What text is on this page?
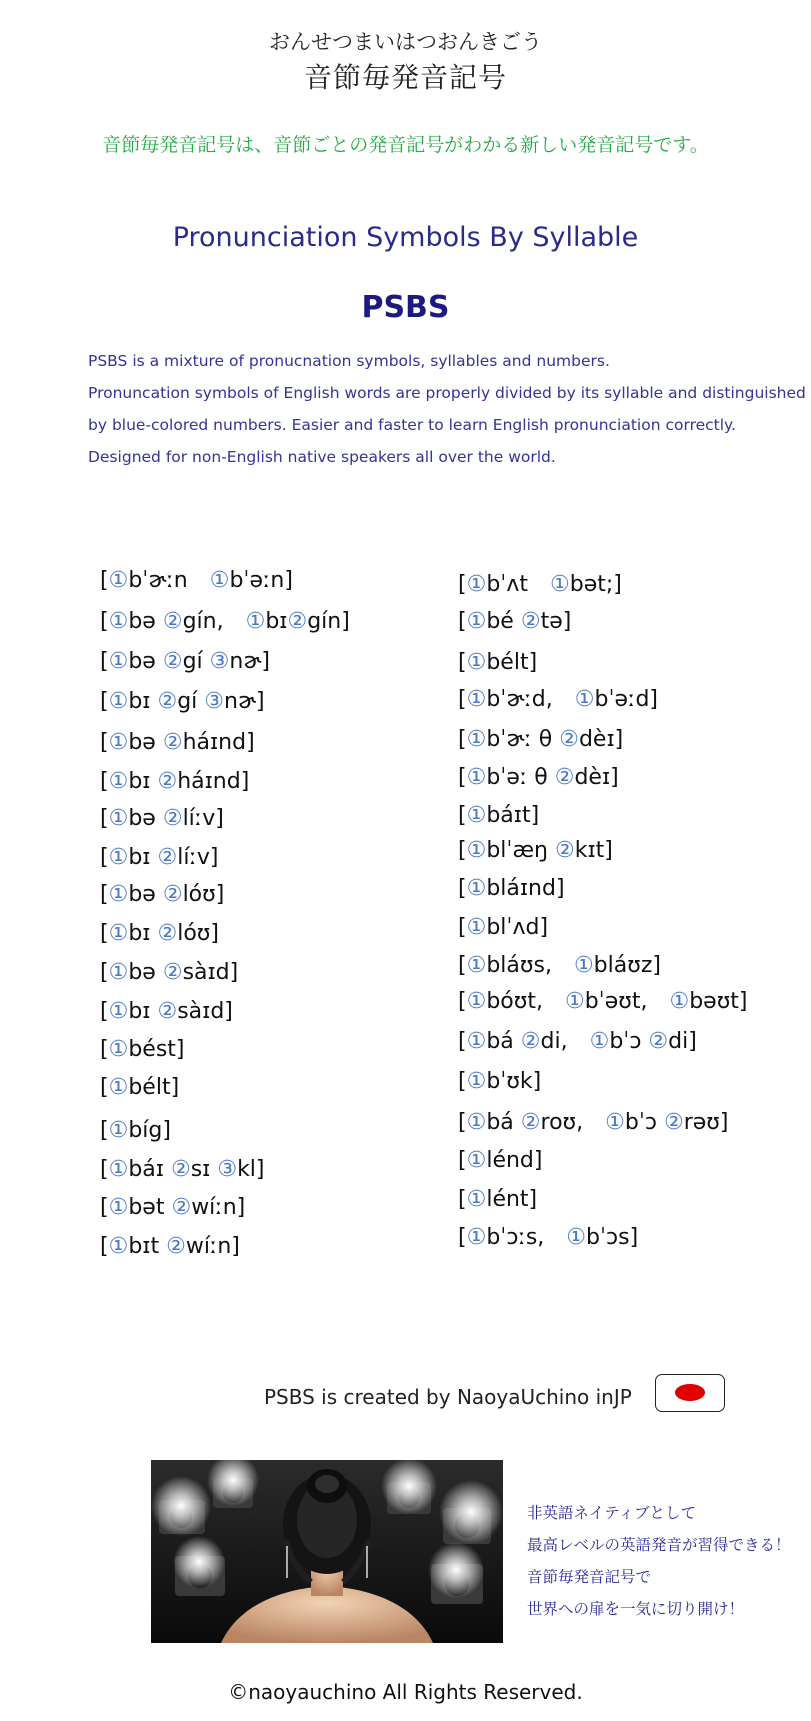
おんせつまいはつおんきごう
音節毎発音記号
音節毎発音記号は、音節ごとの発音記号がわかる新しい発音記号です。
Pronunciation Symbols By Syllable
PSBS

PSBS is a mixture of pronucnation symbols, syllables and numbers.

Pronuncation symbols of English words are properly divided by its syllable and distinguished

by blue-colored numbers. Easier and faster to learn English pronunciation correctly.

Designed for non-English native speakers all over the world.

[①bˈɚːn　①bˈəːn]
[①bə ②gín,　①bɪ②gín]
[①bə ②gí ③nɚ]
[①bɪ ②gí ③nɚ]
[①bə ②háɪnd]
[①bɪ ②háɪnd]
[①bə ②líːv]
[①bɪ ②líːv]
[①bə ②lóʊ]
[①bɪ ②lóʊ]
[①bə ②sàɪd]
[①bɪ ②sàɪd]
[①bést]
[①bélt]
[①bíg]
[①báɪ ②sɪ ③kl]
[①bət ②wíːn]
[①bɪt ②wíːn]
[①bˈʌt　①bət;]
[①bé ②tə]
[①bélt]
[①bˈɚːd,　①bˈəːd]
[①bˈɚː θ ②dèɪ]
[①bˈəː θ ②dèɪ]
[①báɪt]
[①blˈæŋ ②kɪt]
[①bláɪnd]
[①blˈʌd]
[①bláʊs,　①bláʊz]
[①bóʊt,　①bˈəʊt,　①bəʊt]
[①bá ②di,　①bˈɔ ②di]
[①bˈʊk]
[①bá ②roʊ,　①bˈɔ ②rəʊ]
[①lénd]
[①lént]
[①bˈɔːs,　①bˈɔs]
PSBS is created by NaoyaUchino inJP

非英語ネイティブとして

最高レベルの英語発音が習得できる！

音節毎発音記号で

世界への扉を一気に切り開け！

©naoyauchino All Rights Reserved.
